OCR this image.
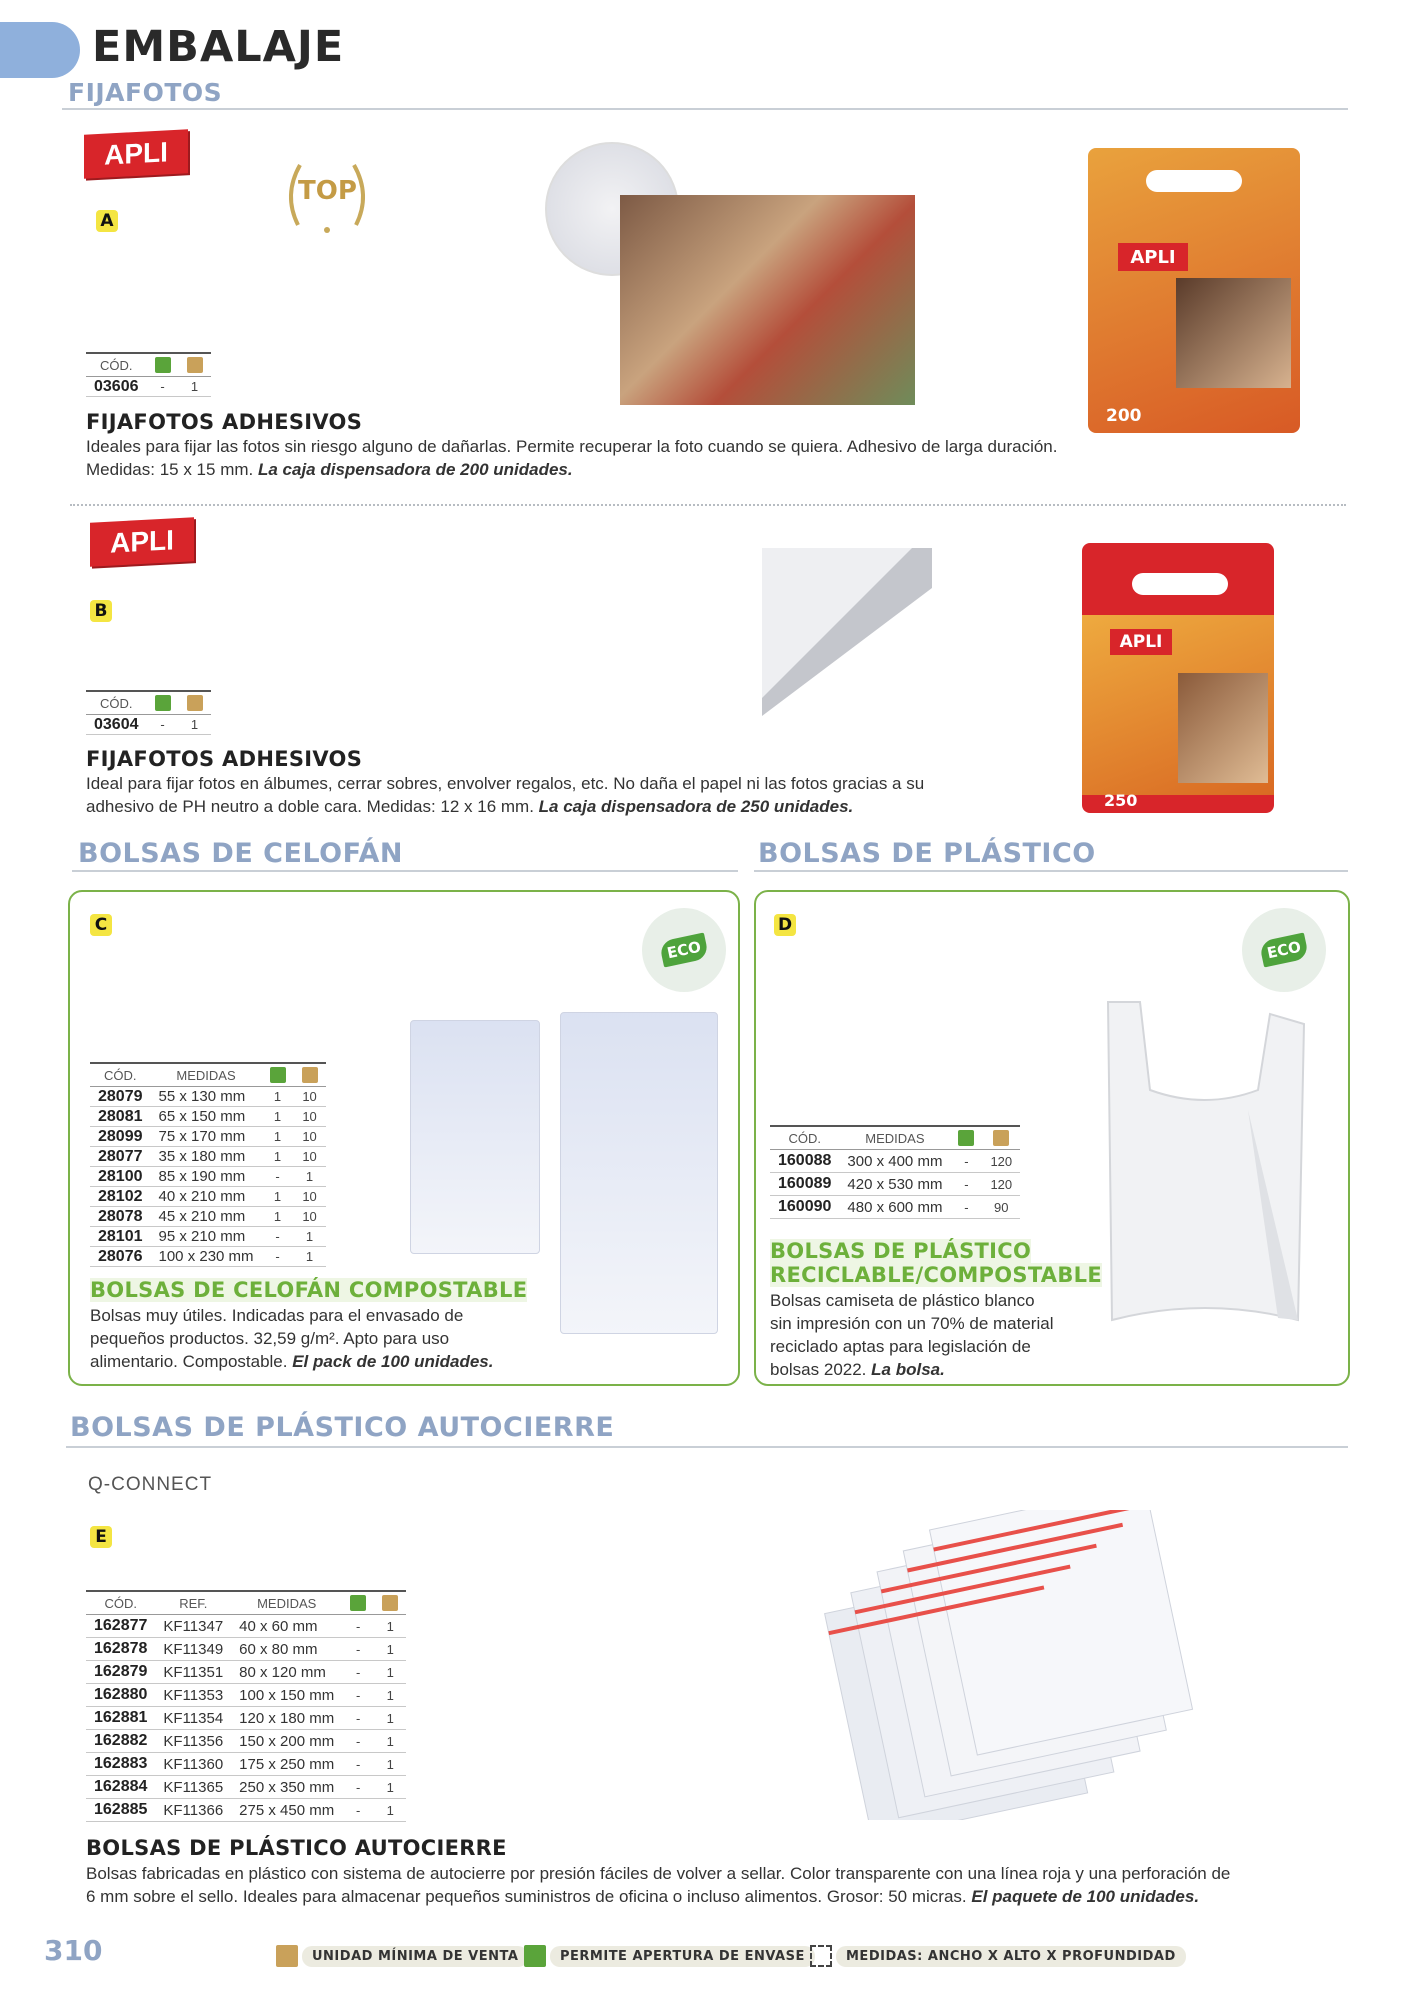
EMBALAJE
FIJAFOTOS
APLI
TOP
A
APLI
200
CÓD.		
03606	-	1
FIJAFOTOS ADHESIVOS
Ideales para fijar las fotos sin riesgo alguno de dañarlas. Permite recuperar la foto cuando se quiera. Adhesivo de larga duración.
Medidas: 15 x 15 mm. La caja dispensadora de 200 unidades.
APLI
B
APLI
250
CÓD.		
03604	-	1
FIJAFOTOS ADHESIVOS
Ideal para fijar fotos en álbumes, cerrar sobres, envolver regalos, etc. No daña el papel ni las fotos gracias a su
adhesivo de PH neutro a doble cara. Medidas: 12 x 16 mm. La caja dispensadora de 250 unidades.
BOLSAS DE CELOFÁN	BOLSAS DE PLÁSTICO
C
ECO
CÓD.	MEDIDAS		
28079	55 x 130 mm	1	10
28081	65 x 150 mm	1	10
28099	75 x 170 mm	1	10
28077	35 x 180 mm	1	10
28100	85 x 190 mm	-	1
28102	40 x 210 mm	1	10
28078	45 x 210 mm	1	10
28101	95 x 210 mm	-	1
28076	100 x 230 mm	-	1
BOLSAS DE CELOFÁN COMPOSTABLE
Bolsas muy útiles. Indicadas para el envasado de
pequeños productos. 32,59 g/m². Apto para uso
alimentario. Compostable. El pack de 100 unidades.
D
ECO
CÓD.	MEDIDAS		
160088	300 x 400 mm	-	120
160089	420 x 530 mm	-	120
160090	480 x 600 mm	-	90
BOLSAS DE PLÁSTICO
RECICLABLE/COMPOSTABLE
Bolsas camiseta de plástico blanco
sin impresión con un 70% de material
reciclado aptas para legislación de
bolsas 2022. La bolsa.
BOLSAS DE PLÁSTICO AUTOCIERRE
Q-CONNECT
E
CÓD.	REF.	MEDIDAS		
162877	KF11347	40 x 60 mm	-	1
162878	KF11349	60 x 80 mm	-	1
162879	KF11351	80 x 120 mm	-	1
162880	KF11353	100 x 150 mm	-	1
162881	KF11354	120 x 180 mm	-	1
162882	KF11356	150 x 200 mm	-	1
162883	KF11360	175 x 250 mm	-	1
162884	KF11365	250 x 350 mm	-	1
162885	KF11366	275 x 450 mm	-	1
BOLSAS DE PLÁSTICO AUTOCIERRE
Bolsas fabricadas en plástico con sistema de autocierre por presión fáciles de volver a sellar. Color transparente con una línea roja y una perforación de
6 mm sobre el sello. Ideales para almacenar pequeños suministros de oficina o incluso alimentos. Grosor: 50 micras. El paquete de 100 unidades.
310	UNIDAD MÍNIMA DE VENTA	PERMITE APERTURA DE ENVASE	MEDIDAS: ANCHO X ALTO X PROFUNDIDAD
